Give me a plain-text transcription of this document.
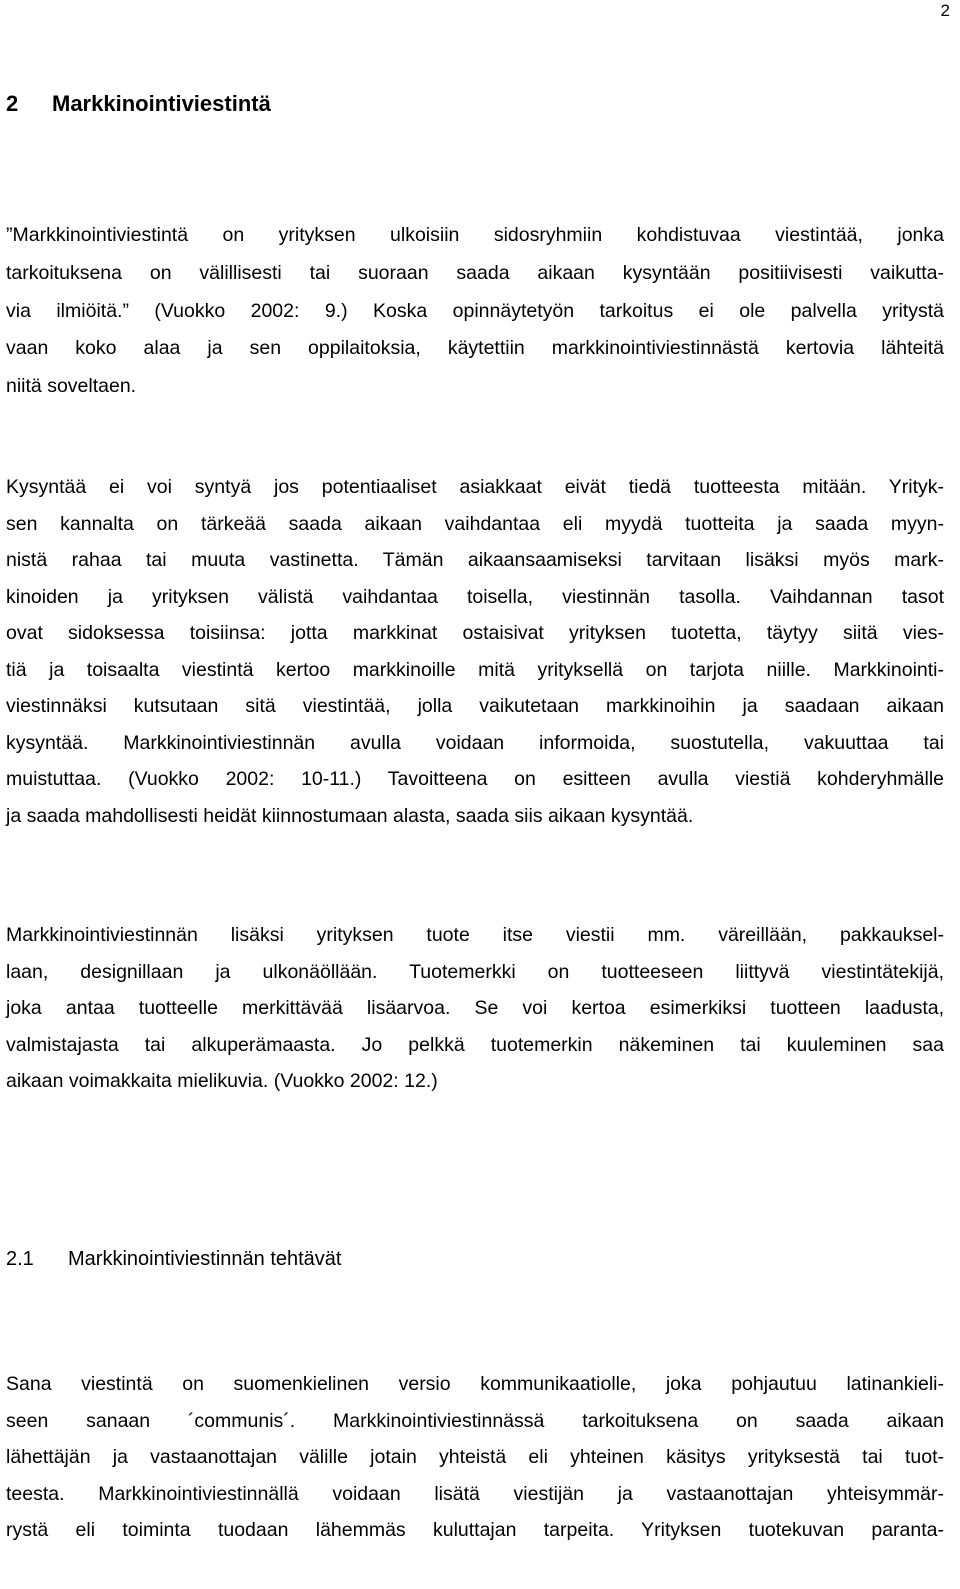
2
2 Markkinointiviestintä
”Markkinointiviestintä on yrityksen ulkoisiin sidosryhmiin kohdistuvaa viestintää, jonka
tarkoituksena on välillisesti tai suoraan saada aikaan kysyntään positiivisesti vaikutta-
via ilmiöitä.” (Vuokko 2002: 9.) Koska opinnäytetyön tarkoitus ei ole palvella yritystä
vaan koko alaa ja sen oppilaitoksia, käytettiin markkinointiviestinnästä kertovia lähteitä
niitä soveltaen.
Kysyntää ei voi syntyä jos potentiaaliset asiakkaat eivät tiedä tuotteesta mitään. Yrityk-
sen kannalta on tärkeää saada aikaan vaihdantaa eli myydä tuotteita ja saada myyn-
nistä rahaa tai muuta vastinetta. Tämän aikaansaamiseksi tarvitaan lisäksi myös mark-
kinoiden ja yrityksen välistä vaihdantaa toisella, viestinnän tasolla. Vaihdannan tasot
ovat sidoksessa toisiinsa: jotta markkinat ostaisivat yrityksen tuotetta, täytyy siitä vies-
tiä ja toisaalta viestintä kertoo markkinoille mitä yrityksellä on tarjota niille. Markkinointi-
viestinnäksi kutsutaan sitä viestintää, jolla vaikutetaan markkinoihin ja saadaan aikaan
kysyntää. Markkinointiviestinnän avulla voidaan informoida, suostutella, vakuuttaa tai
muistuttaa. (Vuokko 2002: 10-11.) Tavoitteena on esitteen avulla viestiä kohderyhmälle
ja saada mahdollisesti heidät kiinnostumaan alasta, saada siis aikaan kysyntää.
Markkinointiviestinnän lisäksi yrityksen tuote itse viestii mm. väreillään, pakkauksel-
laan, designillaan ja ulkonäöllään. Tuotemerkki on tuotteeseen liittyvä viestintätekijä,
joka antaa tuotteelle merkittävää lisäarvoa. Se voi kertoa esimerkiksi tuotteen laadusta,
valmistajasta tai alkuperämaasta. Jo pelkkä tuotemerkin näkeminen tai kuuleminen saa
aikaan voimakkaita mielikuvia. (Vuokko 2002: 12.)
2.1 Markkinointiviestinnän tehtävät
Sana viestintä on suomenkielinen versio kommunikaatiolle, joka pohjautuu latinankieli-
seen sanaan ´communis´. Markkinointiviestinnässä tarkoituksena on saada aikaan
lähettäjän ja vastaanottajan välille jotain yhteistä eli yhteinen käsitys yrityksestä tai tuot-
teesta. Markkinointiviestinnällä voidaan lisätä viestijän ja vastaanottajan yhteisymmär-
rystä eli toiminta tuodaan lähemmäs kuluttajan tarpeita. Yrityksen tuotekuvan paranta-
